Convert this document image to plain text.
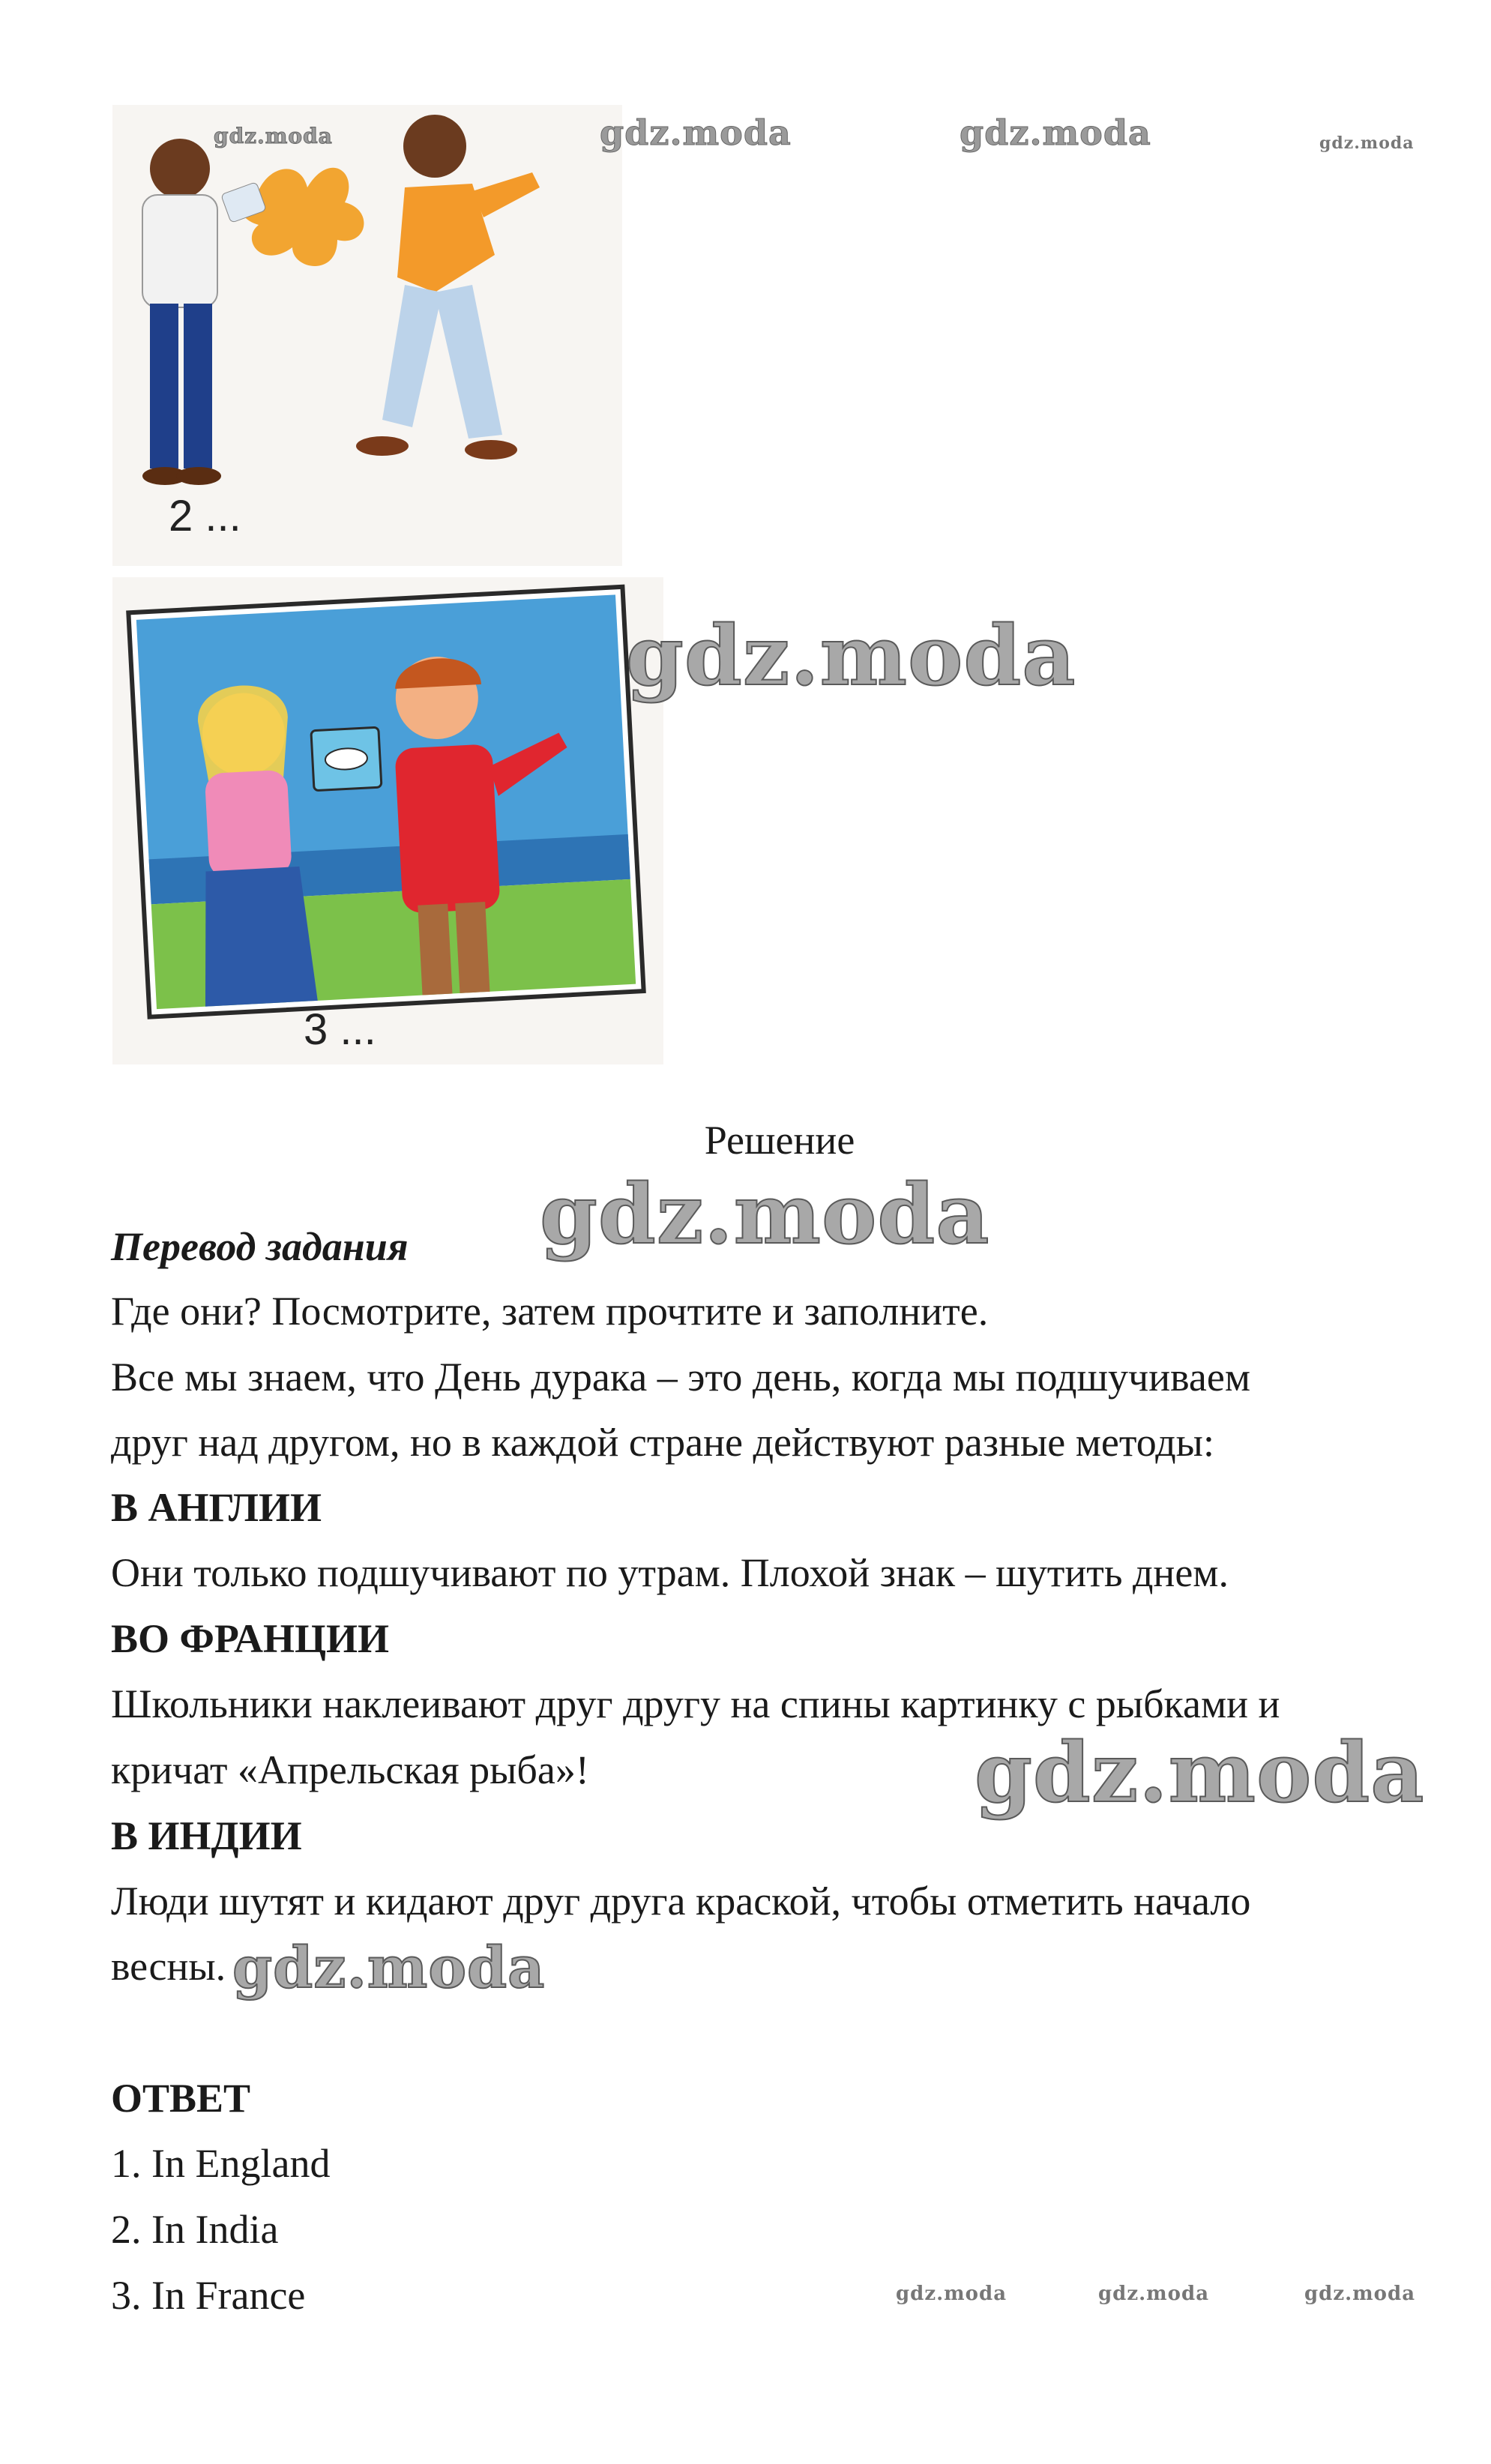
2 ...
3 ...
gdz.moda	gdz.moda	gdz.moda	gdz.moda
gdz.moda
gdz.moda
gdz.moda
gdz.moda
gdz.moda	gdz.moda	gdz.moda
Решение
Перевод задания
Где они? Посмотрите, затем прочтите и заполните.
Все мы знаем, что День дурака – это день, когда мы подшучиваем
друг над другом, но в каждой стране действуют разные методы:
В АНГЛИИ
Они только подшучивают по утрам. Плохой знак – шутить днем.
ВО ФРАНЦИИ
Школьники наклеивают друг другу на спины картинку с рыбками и
кричат «Апрельская рыба»!
В ИНДИИ
Люди шутят и кидают друг друга краской, чтобы отметить начало
весны.
ОТВЕТ
1. In England
2. In India
3. In France
